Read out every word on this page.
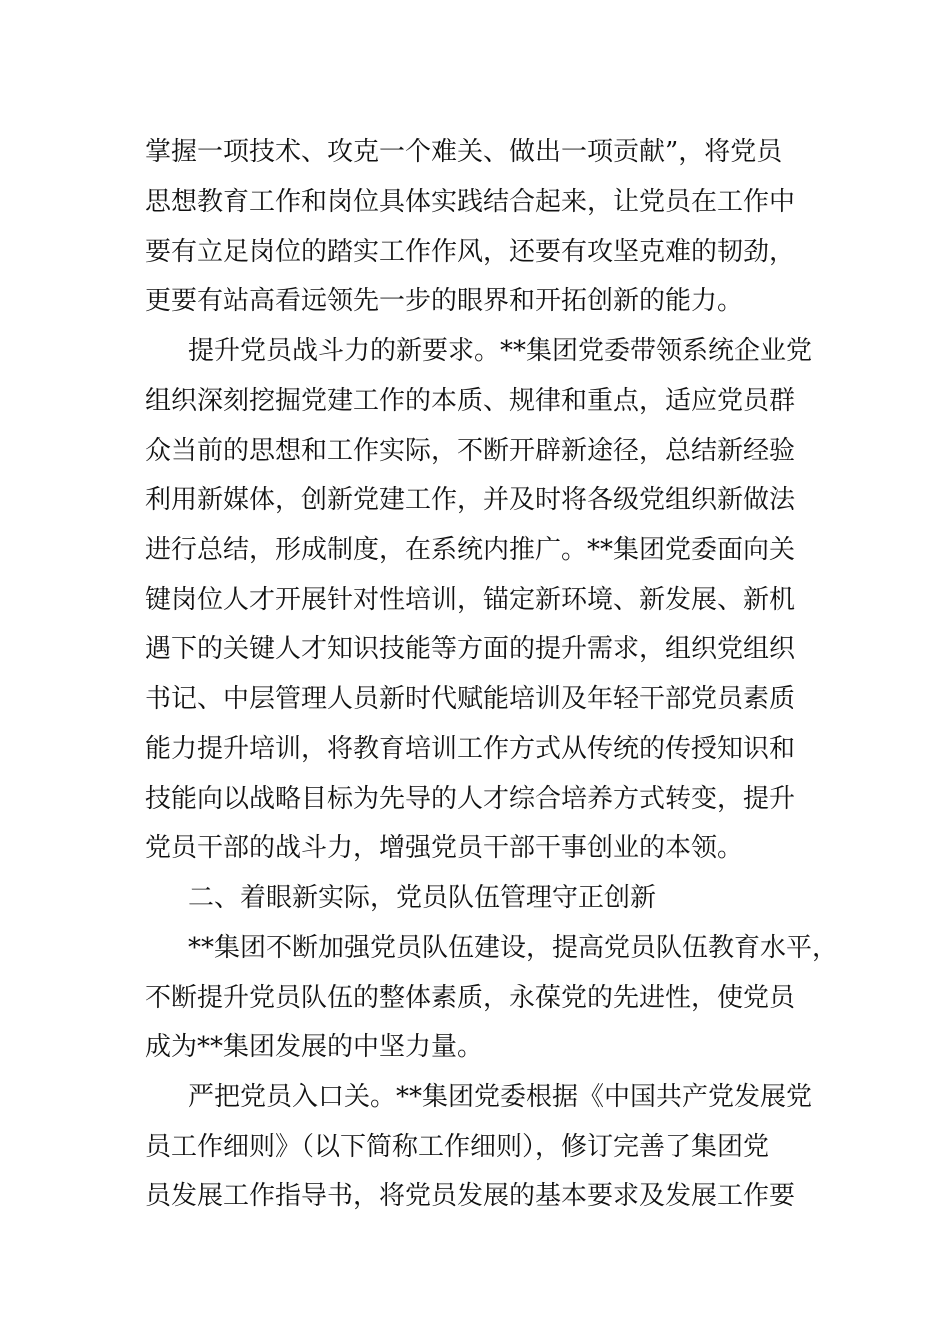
掌握一项技术、攻克一个难关、做出一项贡献”，将党员
思想教育工作和岗位具体实践结合起来，让党员在工作中
要有立足岗位的踏实工作作风，还要有攻坚克难的韧劲，
更要有站高看远领先一步的眼界和开拓创新的能力。
提升党员战斗力的新要求。**集团党委带领系统企业党
组织深刻挖掘党建工作的本质、规律和重点，适应党员群
众当前的思想和工作实际，不断开辟新途径，总结新经验
利用新媒体，创新党建工作，并及时将各级党组织新做法
进行总结，形成制度，在系统内推广。**集团党委面向关
键岗位人才开展针对性培训，锚定新环境、新发展、新机
遇下的关键人才知识技能等方面的提升需求，组织党组织
书记、中层管理人员新时代赋能培训及年轻干部党员素质
能力提升培训，将教育培训工作方式从传统的传授知识和
技能向以战略目标为先导的人才综合培养方式转变，提升
党员干部的战斗力，增强党员干部干事创业的本领。
二、着眼新实际，党员队伍管理守正创新
**集团不断加强党员队伍建设，提高党员队伍教育水平，
不断提升党员队伍的整体素质，永葆党的先进性，使党员
成为**集团发展的中坚力量。
严把党员入口关。**集团党委根据《中国共产党发展党
员工作细则》（以下简称工作细则），修订完善了集团党
员发展工作指导书，将党员发展的基本要求及发展工作要
